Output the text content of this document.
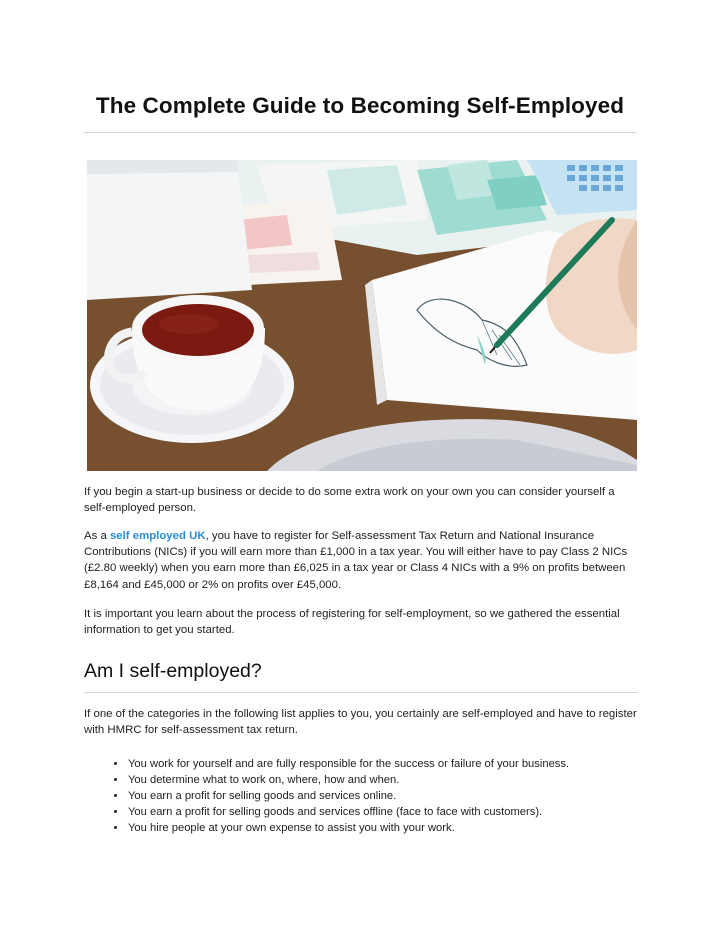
The Complete Guide to Becoming Self-Employed

If you begin a start-up business or decide to do some extra work on your own you can consider yourself a self-employed person.

As a self employed UK, you have to register for Self-assessment Tax Return and National Insurance Contributions (NICs) if you will earn more than £1,000 in a tax year. You will either have to pay Class 2 NICs (£2.80 weekly) when you earn more than £6,025 in a tax year or Class 4 NICs with a 9% on profits between £8,164 and £45,000 or 2% on profits over £45,000.

It is important you learn about the process of registering for self-employment, so we gathered the essential information to get you started.

Am I self-employed?

If one of the categories in the following list applies to you, you certainly are self-employed and have to register with HMRC for self-assessment tax return.

• You work for yourself and are fully responsible for the success or failure of your business.
• You determine what to work on, where, how and when.
• You earn a profit for selling goods and services online.
• You earn a profit for selling goods and services offline (face to face with customers).
• You hire people at your own expense to assist you with your work.
